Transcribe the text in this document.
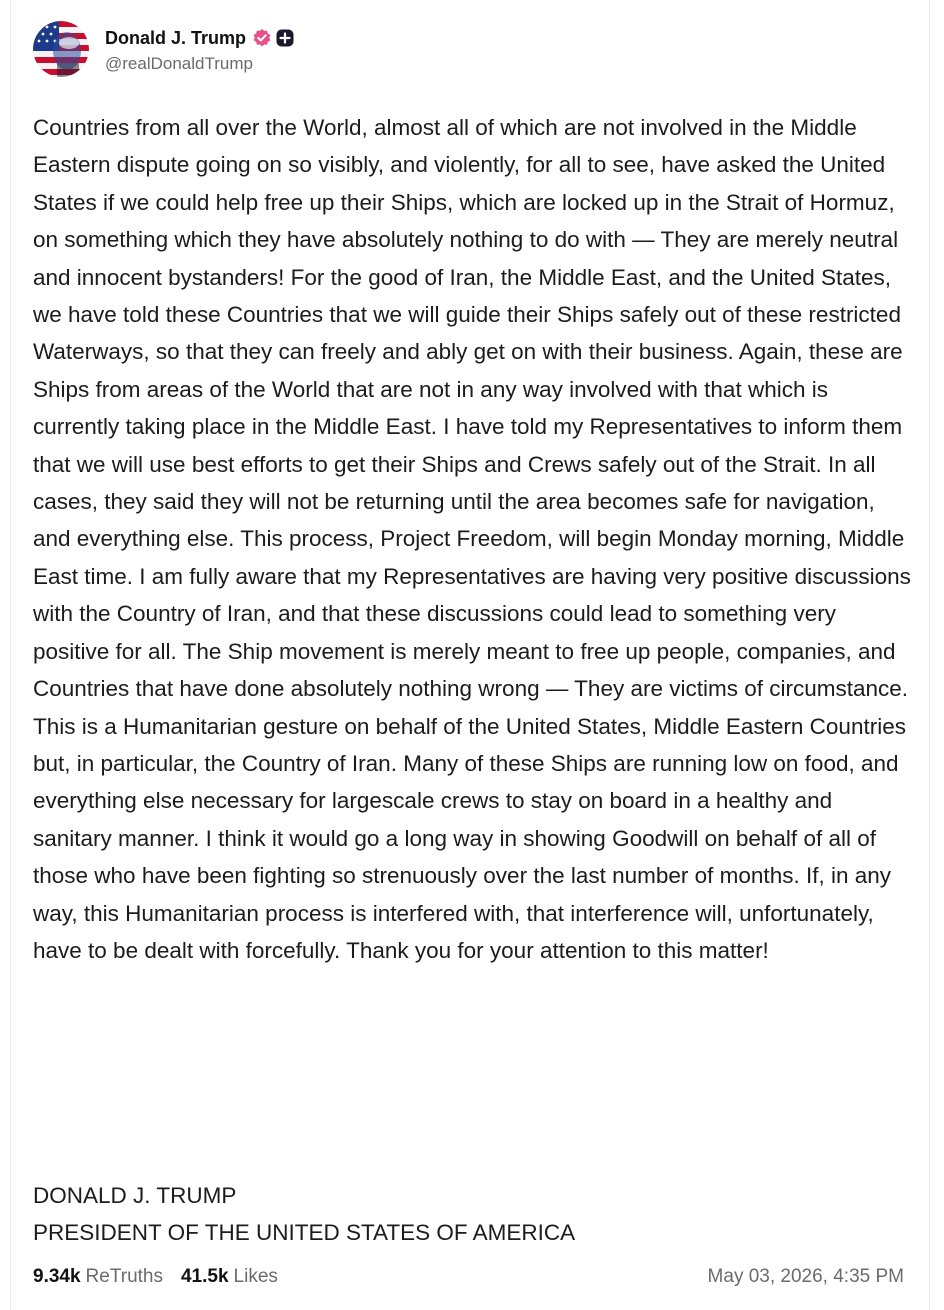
Donald J. Trump
@realDonaldTrump
Countries from all over the World, almost all of which are not involved in the Middle Eastern dispute going on so visibly, and violently, for all to see, have asked the United States if we could help free up their Ships, which are locked up in the Strait of Hormuz, on something which they have absolutely nothing to do with — They are merely neutral and innocent bystanders! For the good of Iran, the Middle East, and the United States, we have told these Countries that we will guide their Ships safely out of these restricted Waterways, so that they can freely and ably get on with their business. Again, these are Ships from areas of the World that are not in any way involved with that which is currently taking place in the Middle East. I have told my Representatives to inform them that we will use best efforts to get their Ships and Crews safely out of the Strait. In all cases, they said they will not be returning until the area becomes safe for navigation, and everything else. This process, Project Freedom, will begin Monday morning, Middle East time. I am fully aware that my Representatives are having very positive discussions with the Country of Iran, and that these discussions could lead to something very positive for all. The Ship movement is merely meant to free up people, companies, and Countries that have done absolutely nothing wrong — They are victims of circumstance. This is a Humanitarian gesture on behalf of the United States, Middle Eastern Countries but, in particular, the Country of Iran. Many of these Ships are running low on food, and everything else necessary for largescale crews to stay on board in a healthy and sanitary manner. I think it would go a long way in showing Goodwill on behalf of all of those who have been fighting so strenuously over the last number of months. If, in any way, this Humanitarian process is interfered with, that interference will, unfortunately, have to be dealt with forcefully. Thank you for your attention to this matter!
DONALD J. TRUMP
PRESIDENT OF THE UNITED STATES OF AMERICA
9.34k ReTruths 41.5k Likes	May 03, 2026, 4:35 PM
